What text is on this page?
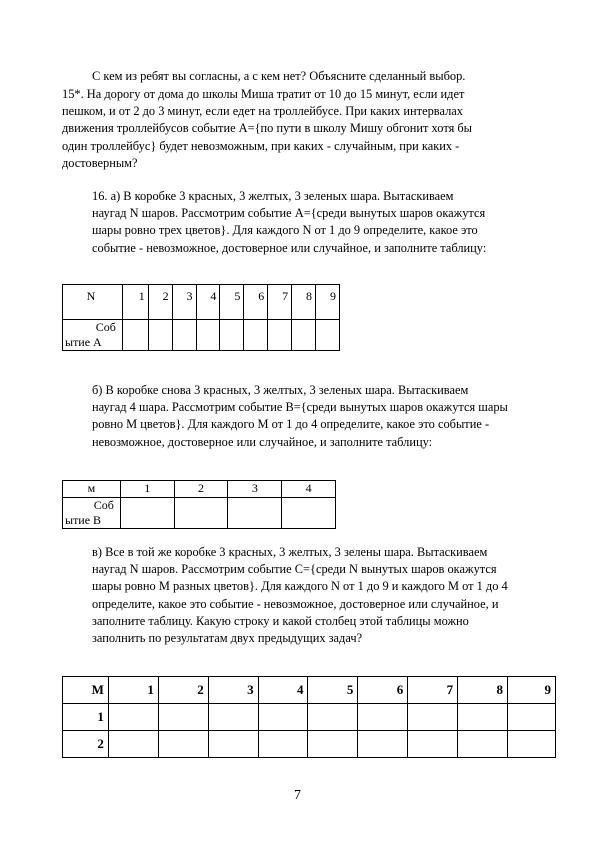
С кем из ребят вы согласны, а с кем нет? Объясните сделанный выбор.

15*. На дорогу от дома до школы Миша тратит от 10 до 15 минут, если идет
пешком, и от 2 до 3 минут, если едет на троллейбусе. При каких интервалах
движения троллейбусов событие А={по пути в школу Мишу обгонит хотя бы
один троллейбус} будет невозможным, при каких - случайным, при каких -
достоверным?

16. а) В коробке 3 красных, 3 желтых, 3 зеленых шара. Вытаскиваем
наугад N шаров. Рассмотрим событие А={среди вынутых шаров окажутся
шары ровно трех цветов}. Для каждого N от 1 до 9 определите, какое это
событие - невозможное, достоверное или случайное, и заполните таблицу:

N	1	2	3	4	5	6	7	8	9

Соб
ытие А									

б) В коробке снова 3 красных, 3 желтых, 3 зеленых шара. Вытаскиваем
наугад 4 шара. Рассмотрим событие В={среди вынутых шаров окажутся шары
ровно М цветов}. Для каждого М от 1 до 4 определите, какое это событие -
невозможное, достоверное или случайное, и заполните таблицу:

м	1	2	3	4

Соб
ытие В				

в) Все в той же коробке 3 красных, 3 желтых, 3 зелены шара. Вытаскиваем
наугад N шаров. Рассмотрим событие С={среди N вынутых шаров окажутся
шары ровно М разных цветов}. Для каждого N от 1 до 9 и каждого М от 1 до 4
определите, какое это событие - невозможное, достоверное или случайное, и
заполните таблицу. Какую строку и какой столбец этой таблицы можно
заполнить по результатам двух предыдущих задач?

M	1	2	3	4	5	6	7	8	9
1									
2									
7
